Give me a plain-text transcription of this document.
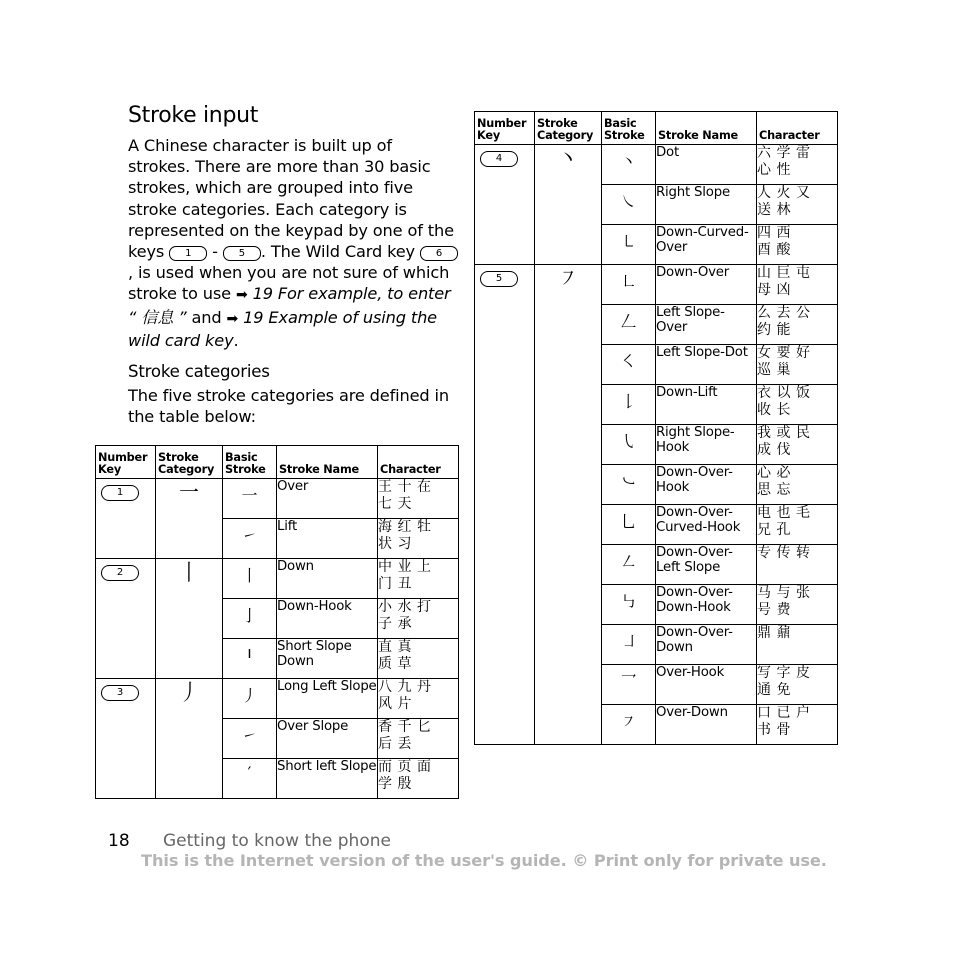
Stroke input

A Chinese character is built up of strokes. There are more than 30 basic strokes, which are grouped into five stroke categories. Each category is represented on the keypad by one of the keys 1 - 5 . The Wild Card key 6, is used when you are not sure of which stroke to use ➡ 19 For example, to enter “ 信息 ” and ➡ 19 Example of using the wild card key.

Stroke categories

The five stroke categories are defined in the table below:

Number
Key	Stroke
Category	Basic
Stroke	Stroke Name	Character

1	一	一	Over	王十在
七天

		㇀	Lift	海红牡
状习

2	丨	丨	Down	中业上
门丑

		亅	Down-Hook	小水打
子承

		ı	Short Slope Down	直真
质草

3	丿	丿	Long Left Slope	八九丹
风片

		㇀	Over Slope	香千匕
后丢

		′	Short left Slope	而页面
学殷
Number
Key	Stroke
Category	Basic
Stroke	Stroke Name	Character

4	丶	丶	Dot	六学雷
心性

		㇏	Right Slope	人火又
送林

		㇄	Down-Curved-Over	四西
酉酸

5	㇇	㇗	Down-Over	山巨屯
母凶

		𠃋	Left Slope-Over	么去公
约能

		㇛	Left Slope-Dot	女要好
巡巢

		𠄌	Down-Lift	衣以饭
收长

		㇂	Right Slope-Hook	我或民
成伐

		㇃	Down-Over-Hook	心必
思忘

		乚	Down-Over-Curved-Hook	电也毛
兄孔

		㇜	Down-Over-Left Slope	专传转

		㇉	Down-Over-Down-Hook	马与张
号费

		㇘	Down-Over-Down	鼎鼐

		乛	Over-Hook	写字皮
通免

		㇇	Over-Down	口已户
书骨
18 Getting to know the phone
This is the Internet version of the user's guide. © Print only for private use.
